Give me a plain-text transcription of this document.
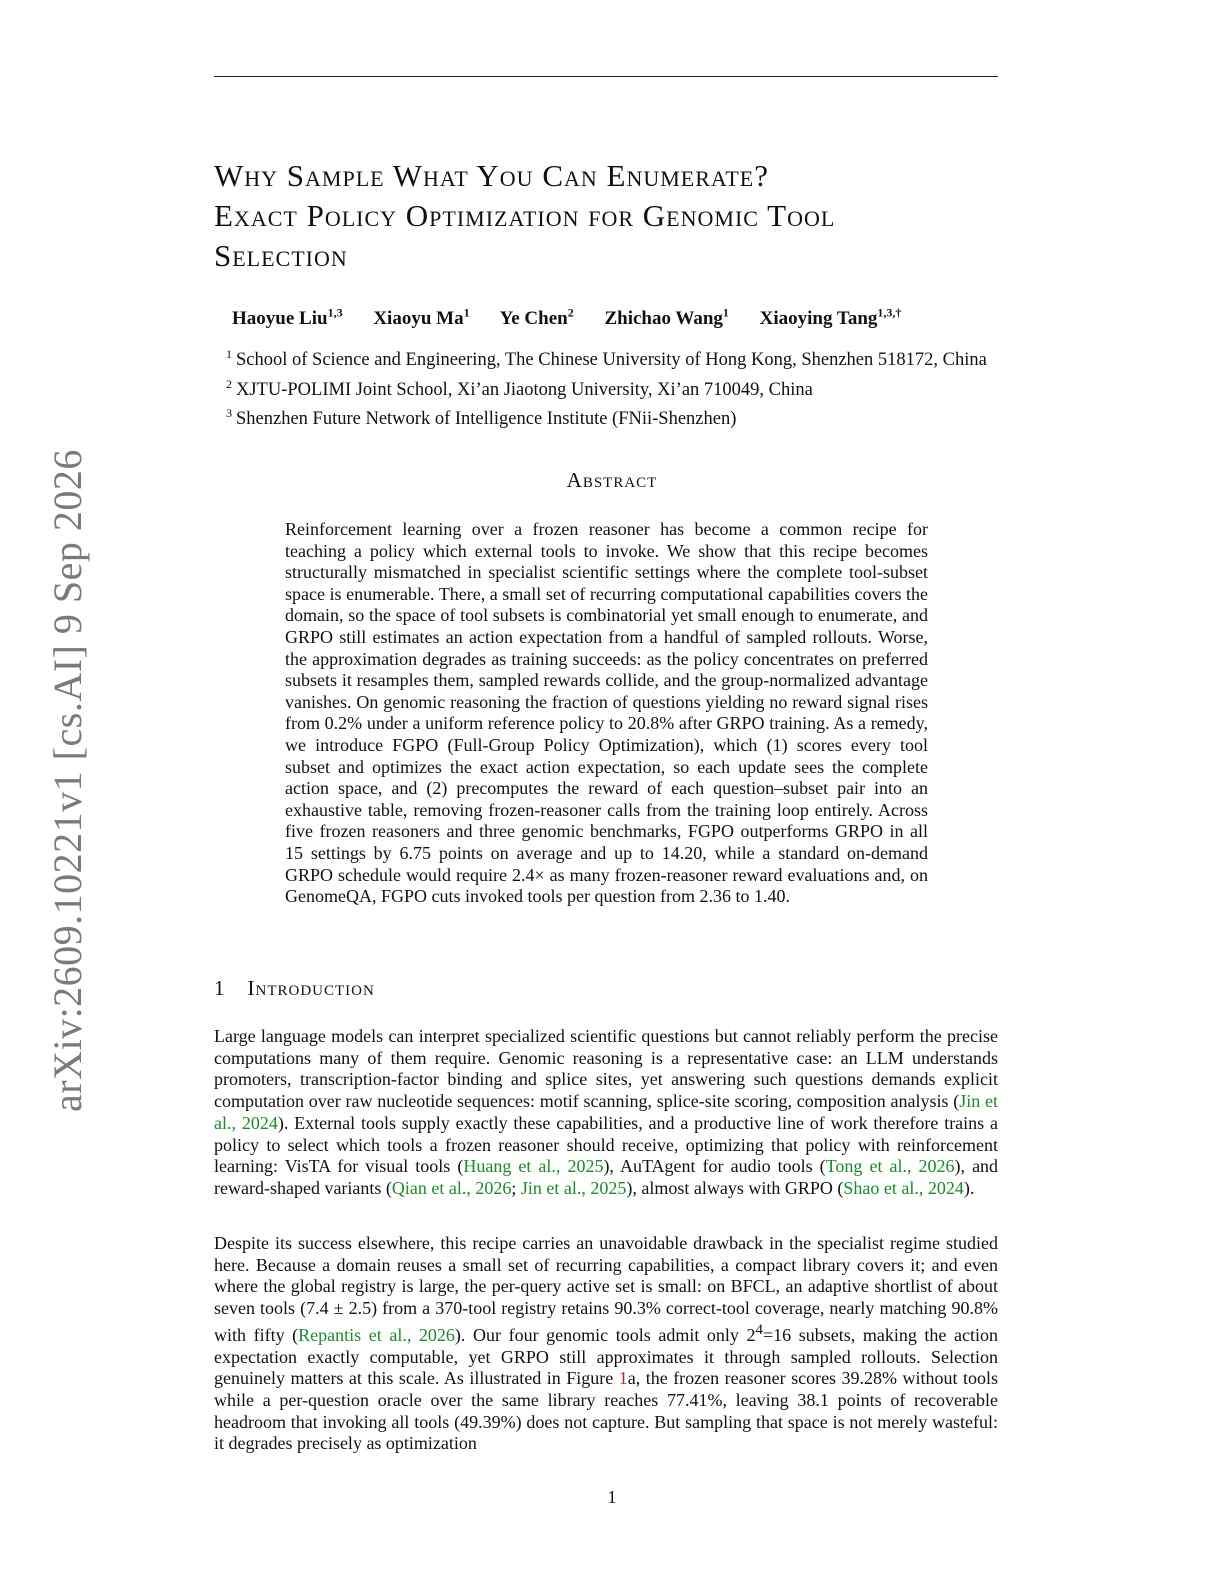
arXiv:2609.10221v1 [cs.AI] 9 Sep 2026
Why Sample What You Can Enumerate?
Exact Policy Optimization for Genomic Tool
Selection
Haoyue Liu$^{1,3}$ Xiaoyu Ma$^1$ Ye Chen$^2$ Zhichao Wang$^1$ Xiaoying Tang$^{1,3,\dagger}$
$^1$ School of Science and Engineering, The Chinese University of Hong Kong, Shenzhen 518172, China
$^2$ XJTU-POLIMI Joint School, Xi’an Jiaotong University, Xi’an 710049, China
$^3$ Shenzhen Future Network of Intelligence Institute (FNii-Shenzhen)
Abstract
Reinforcement learning over a frozen reasoner has become a common recipe for teaching a policy which external tools to invoke. We show that this recipe becomes structurally mismatched in specialist scientific settings where the complete tool-subset space is enumerable. There, a small set of recurring computational capabilities covers the domain, so the space of tool subsets is combinatorial yet small enough to enumerate, and GRPO still estimates an action expectation from a handful of sampled rollouts. Worse, the approximation degrades as training succeeds: as the policy concentrates on preferred subsets it resamples them, sampled rewards collide, and the group-normalized advantage vanishes. On genomic reasoning the fraction of questions yielding no reward signal rises from 0.2% under a uniform reference policy to 20.8% after GRPO training. As a remedy, we introduce FGPO (Full-Group Policy Optimization), which (1) scores every tool subset and optimizes the exact action expectation, so each update sees the complete action space, and (2) precomputes the reward of each question–subset pair into an exhaustive table, removing frozen-reasoner calls from the training loop entirely. Across five frozen reasoners and three genomic benchmarks, FGPO outperforms GRPO in all 15 settings by 6.75 points on average and up to 14.20, while a standard on-demand GRPO schedule would require 2.4× as many frozen-reasoner reward evaluations and, on GenomeQA, FGPO cuts invoked tools per question from 2.36 to 1.40.
1 Introduction
Large language models can interpret specialized scientific questions but cannot reliably perform the precise computations many of them require. Genomic reasoning is a representative case: an LLM understands promoters, transcription-factor binding and splice sites, yet answering such questions demands explicit computation over raw nucleotide sequences: motif scanning, splice-site scoring, composition analysis (Jin et al., 2024). External tools supply exactly these capabilities, and a productive line of work therefore trains a policy to select which tools a frozen reasoner should receive, optimizing that policy with reinforcement learning: VisTA for visual tools (Huang et al., 2025), AuTAgent for audio tools (Tong et al., 2026), and reward-shaped variants (Qian et al., 2026; Jin et al., 2025), almost always with GRPO (Shao et al., 2024).
Despite its success elsewhere, this recipe carries an unavoidable drawback in the specialist regime studied here. Because a domain reuses a small set of recurring capabilities, a compact library covers it; and even where the global registry is large, the per-query active set is small: on BFCL, an adaptive shortlist of about seven tools (7.4 ± 2.5) from a 370-tool registry retains 90.3% correct-tool coverage, nearly matching 90.8% with fifty (Repantis et al., 2026). Our four genomic tools admit only $2^4=16$ subsets, making the action expectation exactly computable, yet GRPO still approximates it through sampled rollouts. Selection genuinely matters at this scale. As illustrated in Figure 1a, the frozen reasoner scores 39.28% without tools while a per-question oracle over the same library reaches 77.41%, leaving 38.1 points of recoverable headroom that invoking all tools (49.39%) does not capture. But sampling that space is not merely wasteful: it degrades precisely as optimization
1
